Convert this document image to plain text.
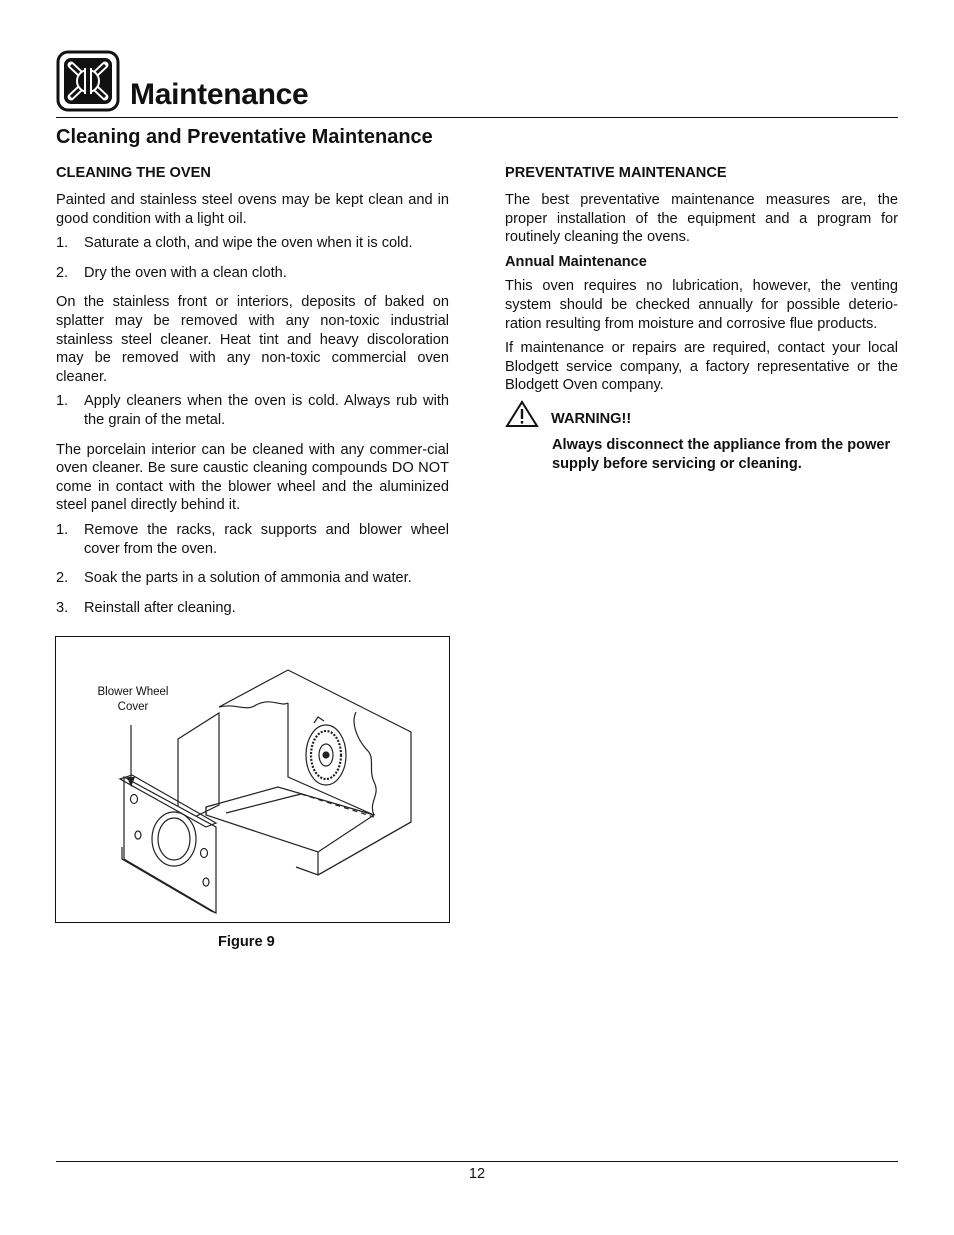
Maintenance
Cleaning and Preventative Maintenance
CLEANING THE OVEN

Painted and stainless steel ovens may be kept clean and in good condition with a light oil.

1. Saturate a cloth, and wipe the oven when it is cold.
2. Dry the oven with a clean cloth.

On the stainless front or interiors, deposits of baked on splatter may be removed with any non-toxic industrial stainless steel cleaner. Heat tint and heavy discoloration may be removed with any non-toxic commercial oven cleaner.

1. Apply cleaners when the oven is cold. Always rub with the grain of the metal.

The porcelain interior can be cleaned with any commer-cial oven cleaner. Be sure caustic cleaning compounds DO NOT come in contact with the blower wheel and the aluminized steel panel directly behind it.

1. Remove the racks, rack supports and blower wheel cover from the oven.
2. Soak the parts in a solution of ammonia and water.
3. Reinstall after cleaning.
Blower Wheel
Cover
Figure 9
PREVENTATIVE MAINTENANCE

The best preventative maintenance measures are, the proper installation of the equipment and a program for routinely cleaning the ovens.

Annual Maintenance

This oven requires no lubrication, however, the venting system should be checked annually for possible deterio-ration resulting from moisture and corrosive flue products.

If maintenance or repairs are required, contact your local Blodgett service company, a factory representative or the Blodgett Oven company.

WARNING!!
Always disconnect the appliance from the power supply before servicing or cleaning.
12
